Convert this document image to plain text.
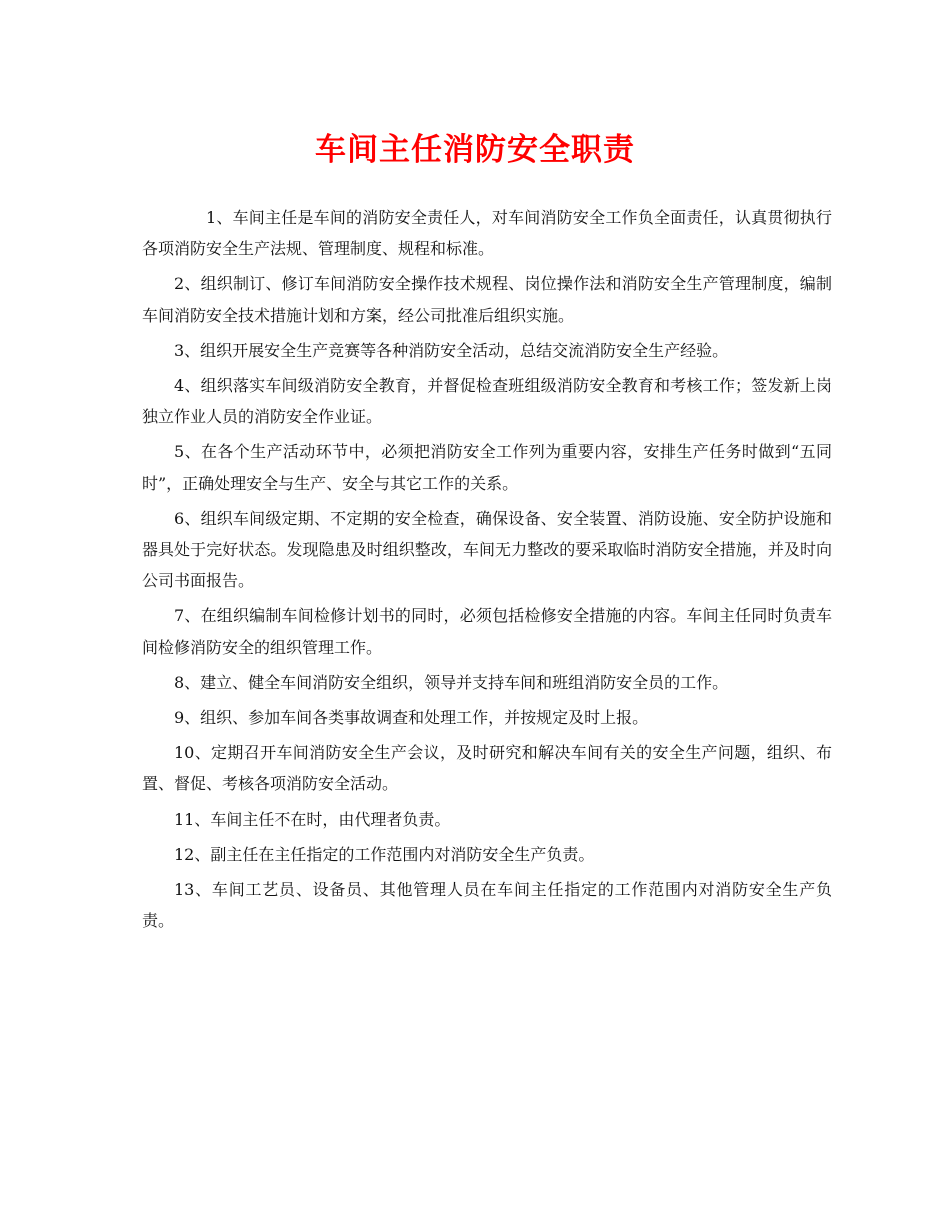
车间主任消防安全职责

1、车间主任是车间的消防安全责任人，对车间消防安全工作负全面责任，认真贯彻执行各项消防安全生产法规、管理制度、规程和标准。

2、组织制订、修订车间消防安全操作技术规程、岗位操作法和消防安全生产管理制度，编制车间消防安全技术措施计划和方案，经公司批准后组织实施。

3、组织开展安全生产竞赛等各种消防安全活动，总结交流消防安全生产经验。

4、组织落实车间级消防安全教育，并督促检查班组级消防安全教育和考核工作；签发新上岗独立作业人员的消防安全作业证。

5、在各个生产活动环节中，必须把消防安全工作列为重要内容，安排生产任务时做到“五同时”，正确处理安全与生产、安全与其它工作的关系。

6、组织车间级定期、不定期的安全检查，确保设备、安全装置、消防设施、安全防护设施和器具处于完好状态。发现隐患及时组织整改，车间无力整改的要采取临时消防安全措施，并及时向公司书面报告。

7、在组织编制车间检修计划书的同时，必须包括检修安全措施的内容。车间主任同时负责车间检修消防安全的组织管理工作。

8、建立、健全车间消防安全组织，领导并支持车间和班组消防安全员的工作。

9、组织、参加车间各类事故调查和处理工作，并按规定及时上报。

10、定期召开车间消防安全生产会议，及时研究和解决车间有关的安全生产问题，组织、布置、督促、考核各项消防安全活动。

11、车间主任不在时，由代理者负责。

12、副主任在主任指定的工作范围内对消防安全生产负责。

13、车间工艺员、设备员、其他管理人员在车间主任指定的工作范围内对消防安全生产负责。
